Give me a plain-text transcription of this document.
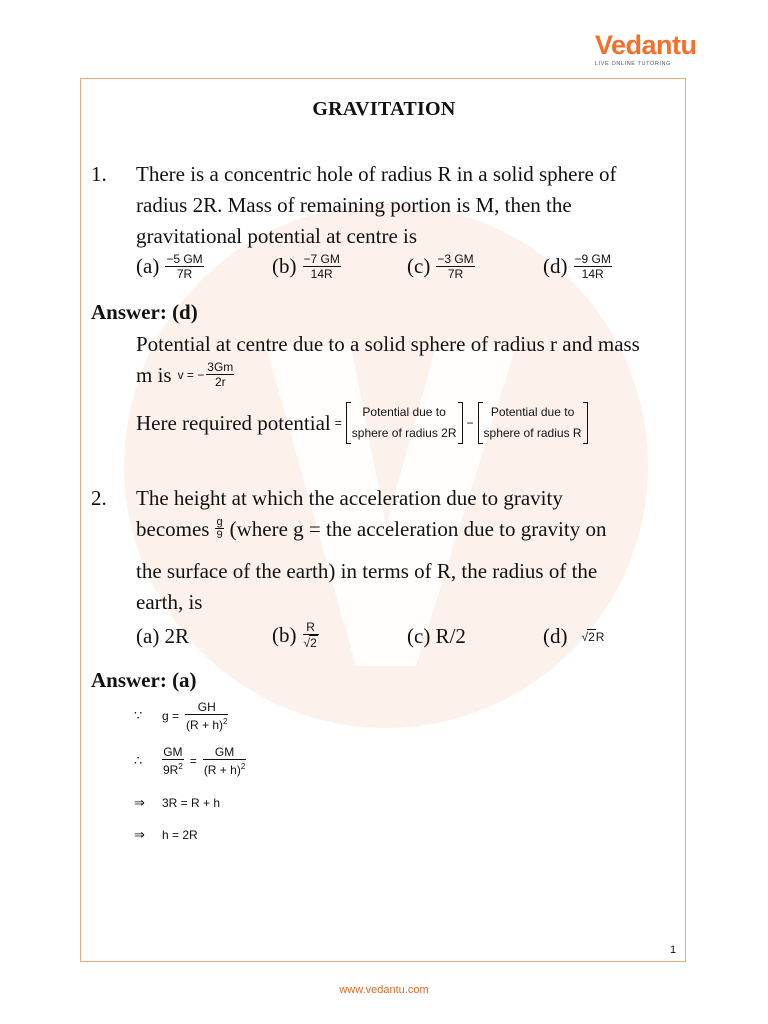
Vedantu
LIVE ONLINE TUTORING
GRAVITATION
1. There is a concentric hole of radius R in a solid sphere of
radius 2R. Mass of remaining portion is M, then the
gravitational potential at centre is
$(a) \frac{-5 GM}{7R}$	$(b) \frac{-7 GM}{14R}$	$(c) \frac{-3 GM}{7R}$	$(d) \frac{-9 GM}{14R}$
Answer: (d)
Potential at centre due to a solid sphere of radius r and mass
m is v = − $\frac{3Gm}{2r}$
Here required potential =
Potential due to
sphere of radius 2R
−
Potential due to
sphere of radius R
2. The height at which the acceleration due to gravity
becomes $\frac{g}{9}$ (where g = the acceleration due to gravity on
the surface of the earth) in terms of R, the radius of the
earth, is
(a) 2R	$(b) \frac{R}{√2}$	(c) R/2	(d) √2R
Answer: (a)
∵	$g = \frac{GH}{(R + h)^2}$
∴	$\frac{GM}{9R^2} = \frac{GM}{(R + h)^2}$
⇒	3R = R + h
⇒	h = 2R
1
www.vedantu.com
